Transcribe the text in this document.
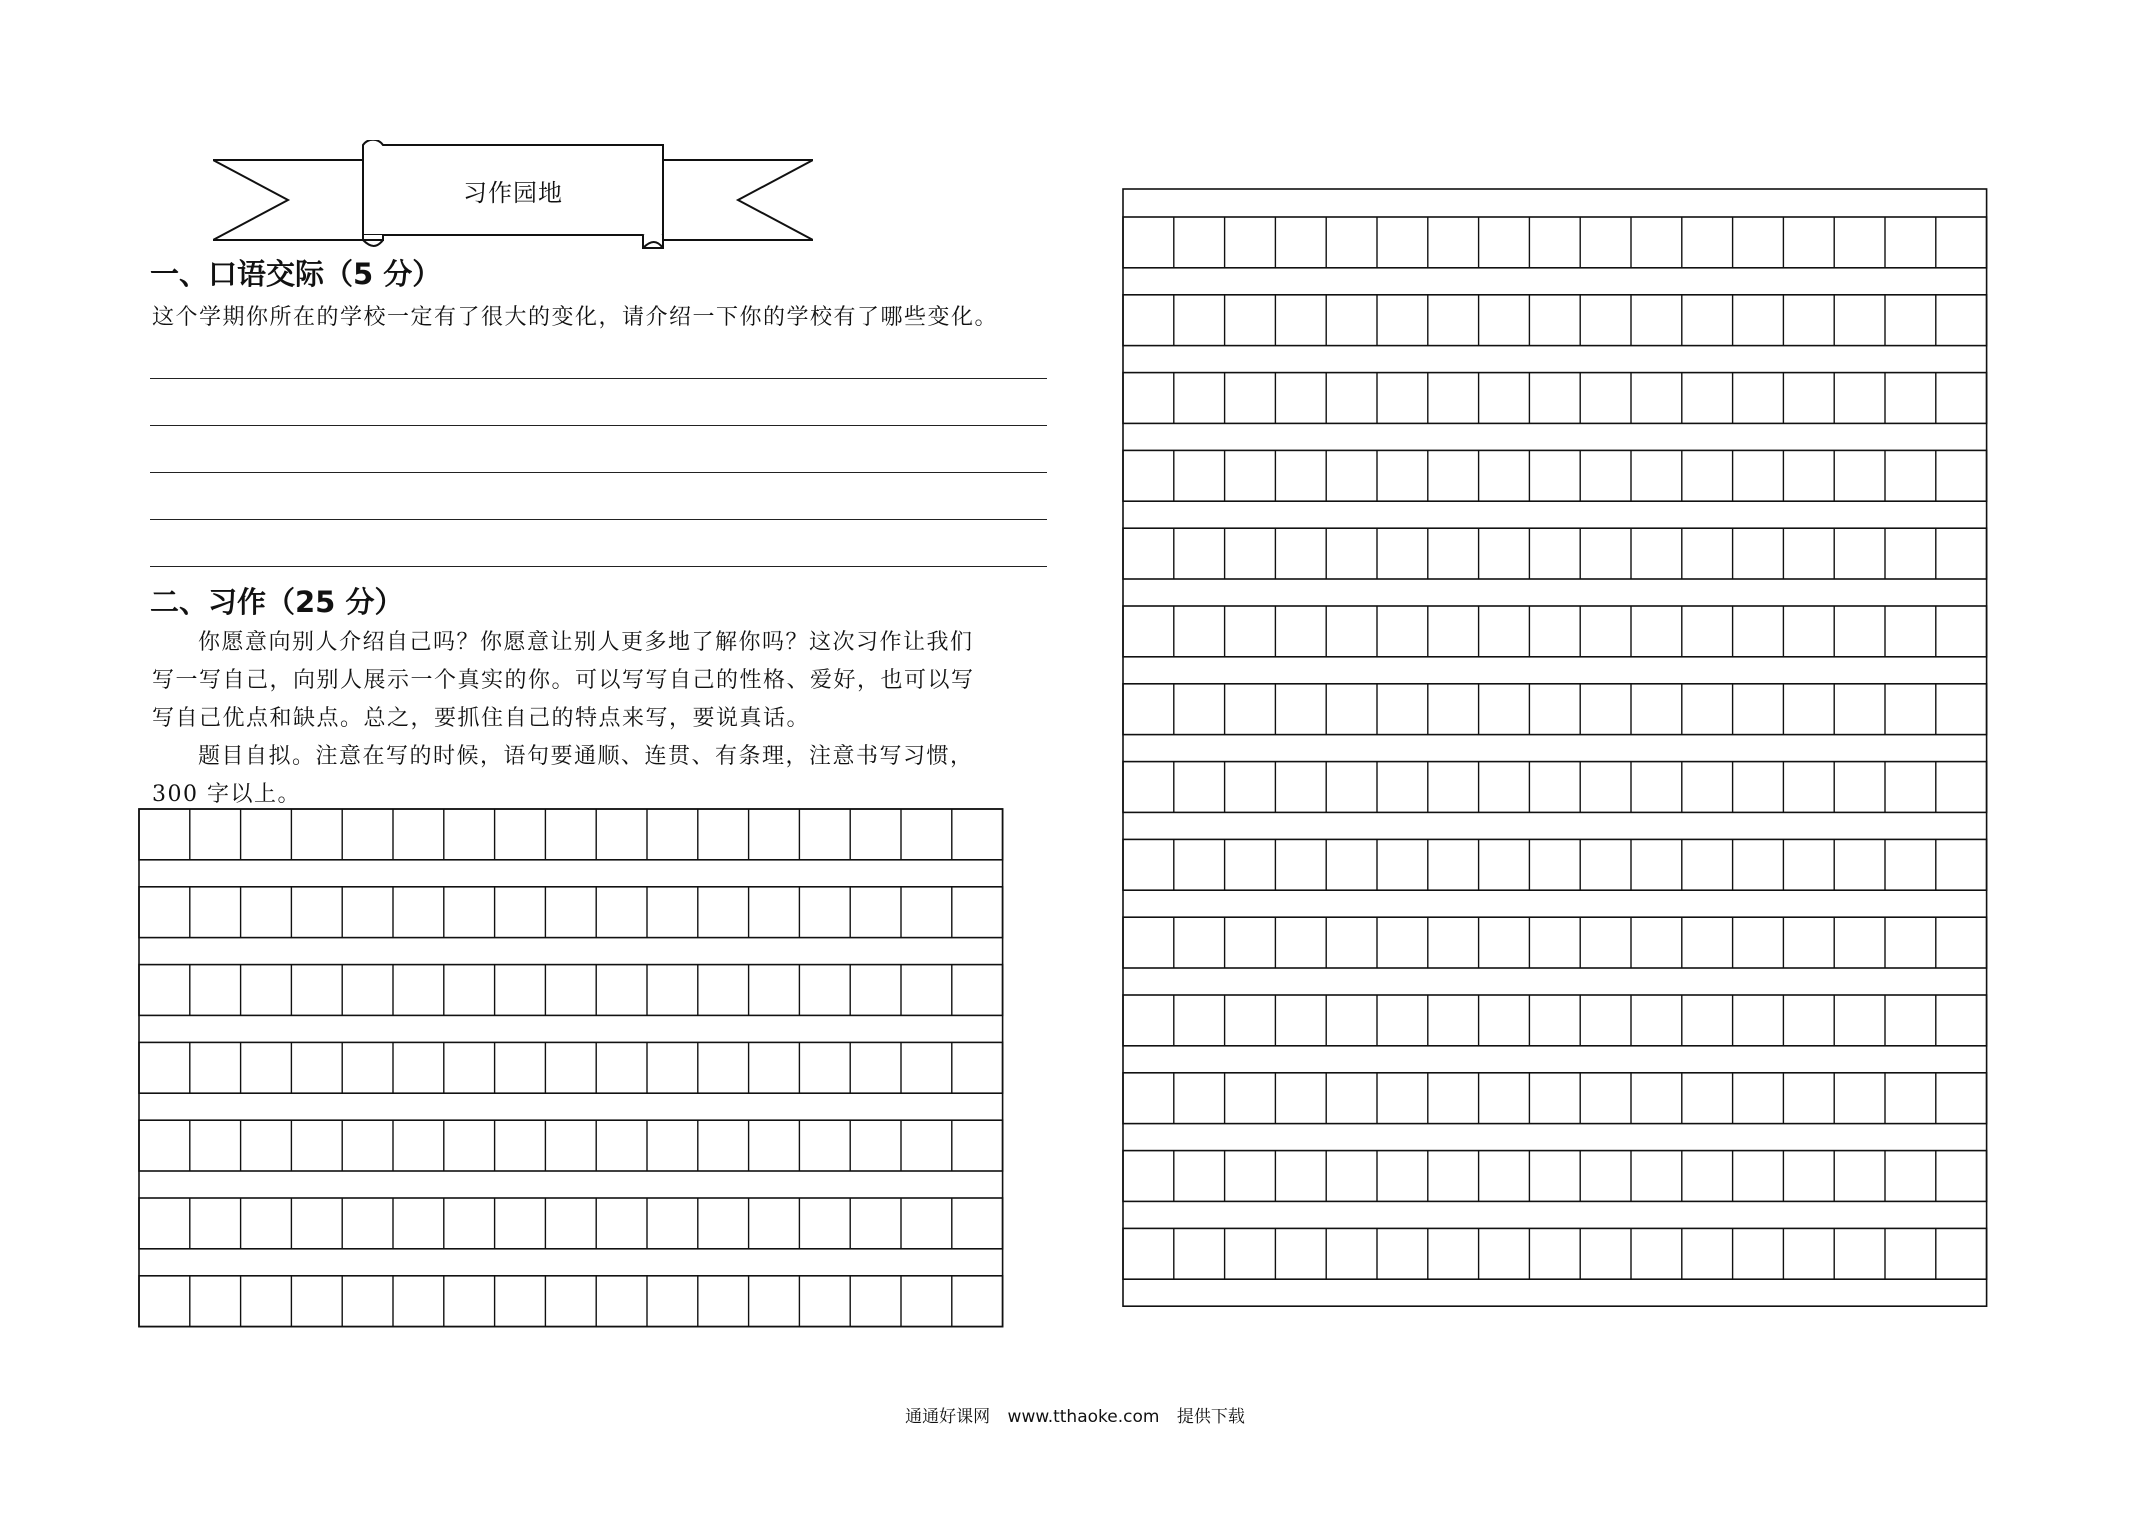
习作园地
一、口语交际（5 分）
这个学期你所在的学校一定有了很大的变化，请介绍一下你的学校有了哪些变化。
二、习作（25 分）
你愿意向别人介绍自己吗？你愿意让别人更多地了解你吗？这次习作让我们
写一写自己，向别人展示一个真实的你。可以写写自己的性格、爱好，也可以写
写自己优点和缺点。总之，要抓住自己的特点来写，要说真话。
题目自拟。注意在写的时候，语句要通顺、连贯、有条理，注意书写习惯，
300 字以上。
通通好课网 www.tthaoke.com 提供下载
